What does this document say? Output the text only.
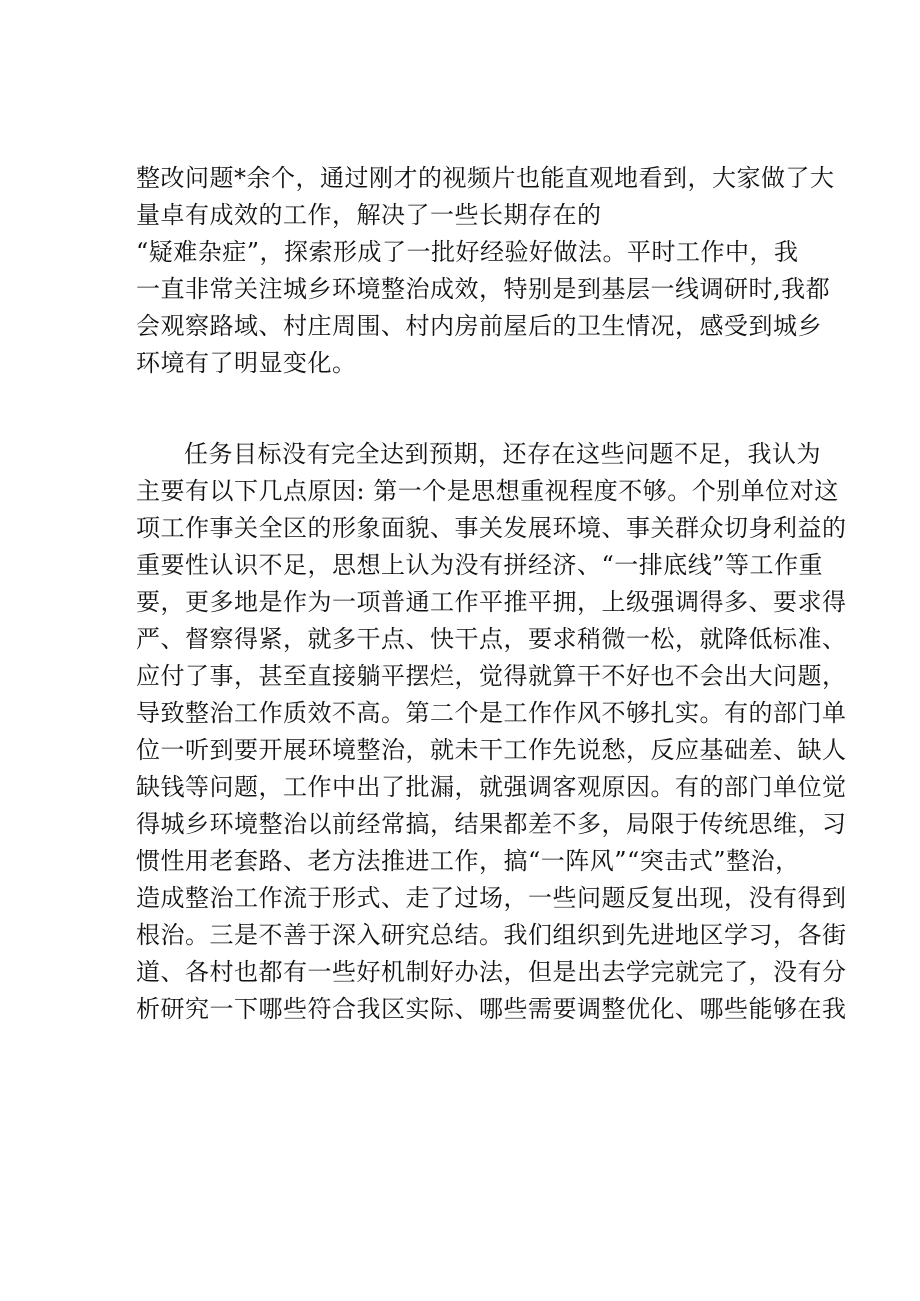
整改问题*余个，通过刚才的视频片也能直观地看到，大家做了大
量卓有成效的工作，解决了一些长期存在的
“疑难杂症”，探索形成了一批好经验好做法。平时工作中，我
一直非常关注城乡环境整治成效，特别是到基层一线调研时,我都
会观察路域、村庄周围、村内房前屋后的卫生情况，感受到城乡
环境有了明显变化。
任务目标没有完全达到预期，还存在这些问题不足，我认为
主要有以下几点原因: 第一个是思想重视程度不够。个别单位对这
项工作事关全区的形象面貌、事关发展环境、事关群众切身利益的
重要性认识不足，思想上认为没有拼经济、“一排底线”等工作重
要，更多地是作为一项普通工作平推平拥，上级强调得多、要求得
严、督察得紧，就多干点、快干点，要求稍微一松，就降低标准、
应付了事，甚至直接躺平摆烂，觉得就算干不好也不会出大问题，
导致整治工作质效不高。第二个是工作作风不够扎实。有的部门单
位一听到要开展环境整治，就未干工作先说愁，反应基础差、缺人
缺钱等问题，工作中出了批漏，就强调客观原因。有的部门单位觉
得城乡环境整治以前经常搞，结果都差不多，局限于传统思维，习
惯性用老套路、老方法推进工作，搞“一阵风”“突击式”整治，
造成整治工作流于形式、走了过场，一些问题反复出现，没有得到
根治。三是不善于深入研究总结。我们组织到先进地区学习，各街
道、各村也都有一些好机制好办法，但是出去学完就完了，没有分
析研究一下哪些符合我区实际、哪些需要调整优化、哪些能够在我
